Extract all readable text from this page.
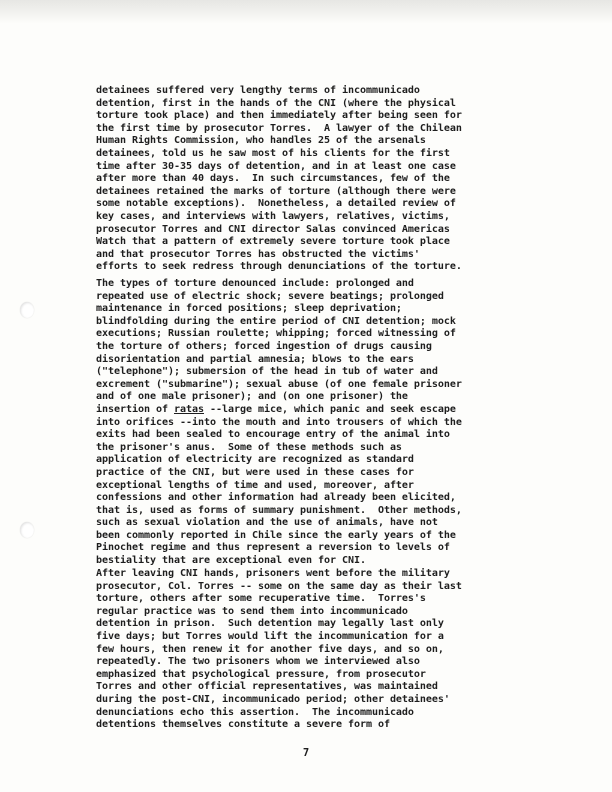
detainees suffered very lengthy terms of incommunicado
detention, first in the hands of the CNI (where the physical
torture took place) and then immediately after being seen for
the first time by prosecutor Torres.  A lawyer of the Chilean
Human Rights Commission, who handles 25 of the arsenals
detainees, told us he saw most of his clients for the first
time after 30-35 days of detention, and in at least one case
after more than 40 days.  In such circumstances, few of the
detainees retained the marks of torture (although there were
some notable exceptions).  Nonetheless, a detailed review of
key cases, and interviews with lawyers, relatives, victims,
prosecutor Torres and CNI director Salas convinced Americas
Watch that a pattern of extremely severe torture took place
and that prosecutor Torres has obstructed the victims'
efforts to seek redress through denunciations of the torture.
The types of torture denounced include: prolonged and
repeated use of electric shock; severe beatings; prolonged
maintenance in forced positions; sleep deprivation;
blindfolding during the entire period of CNI detention; mock
executions; Russian roulette; whipping; forced witnessing of
the torture of others; forced ingestion of drugs causing
disorientation and partial amnesia; blows to the ears
("telephone"); submersion of the head in tub of water and
excrement ("submarine"); sexual abuse (of one female prisoner
and of one male prisoner); and (on one prisoner) the
insertion of ratas --large mice, which panic and seek escape
into orifices --into the mouth and into trousers of which the
exits had been sealed to encourage entry of the animal into
the prisoner's anus.  Some of these methods such as
application of electricity are recognized as standard
practice of the CNI, but were used in these cases for
exceptional lengths of time and used, moreover, after
confessions and other information had already been elicited,
that is, used as forms of summary punishment.  Other methods,
such as sexual violation and the use of animals, have not
been commonly reported in Chile since the early years of the
Pinochet regime and thus represent a reversion to levels of
bestiality that are exceptional even for CNI.
After leaving CNI hands, prisoners went before the military
prosecutor, Col. Torres -- some on the same day as their last
torture, others after some recuperative time.  Torres's
regular practice was to send them into incommunicado
detention in prison.  Such detention may legally last only
five days; but Torres would lift the incommunication for a
few hours, then renew it for another five days, and so on,
repeatedly. The two prisoners whom we interviewed also
emphasized that psychological pressure, from prosecutor
Torres and other official representatives, was maintained
during the post-CNI, incommunicado period; other detainees'
denunciations echo this assertion.  The incommunicado
detentions themselves constitute a severe form of
7
